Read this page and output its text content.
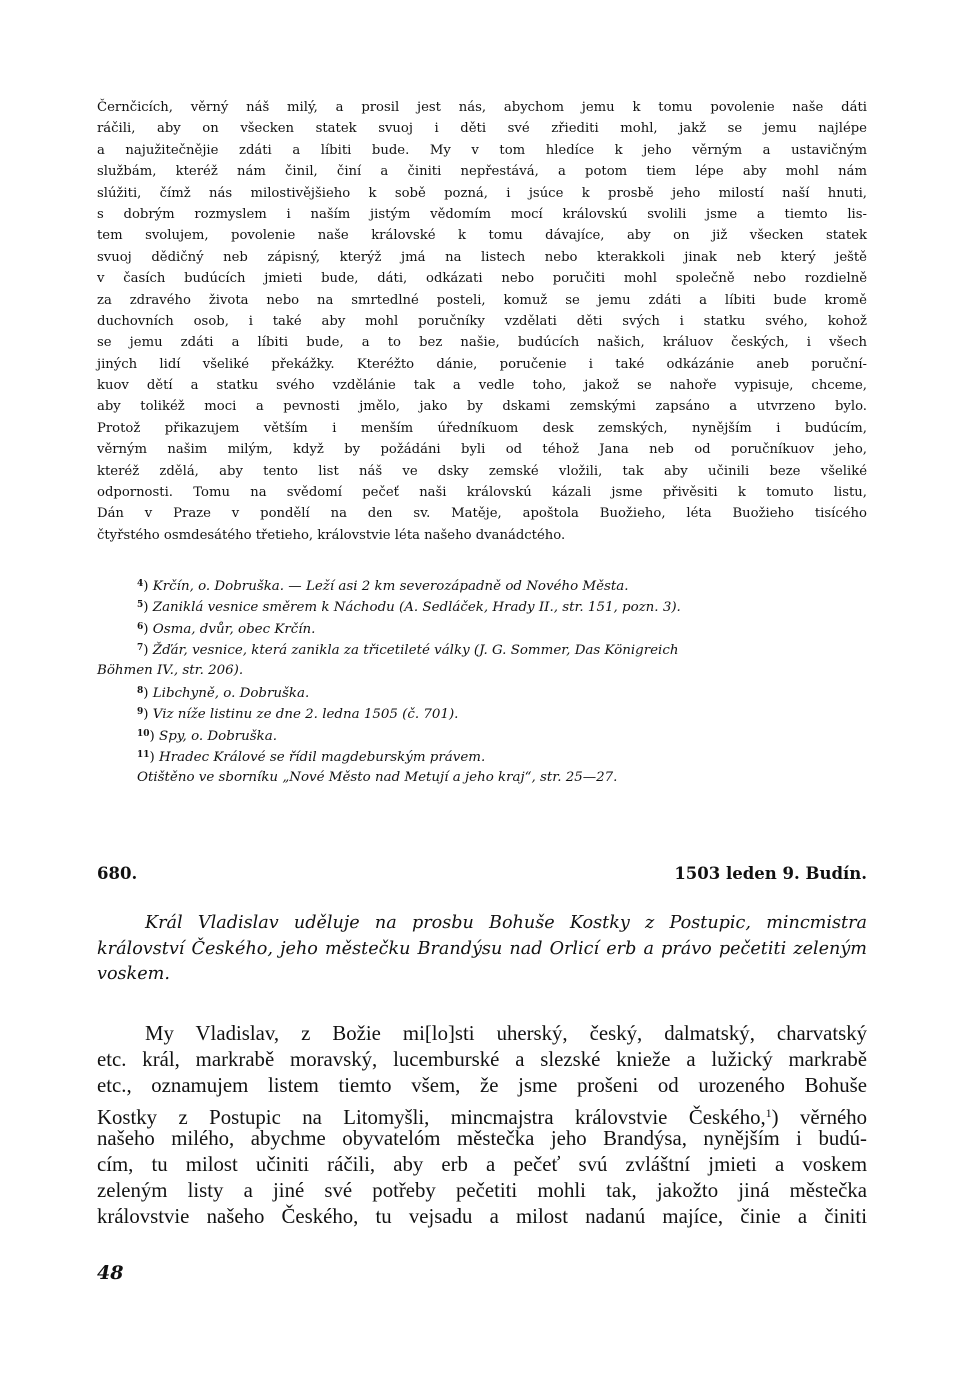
Černčicích, věrný náš milý, a prosil jest nás, abychom jemu k tomu povolenie naše dáti
ráčili, aby on všecken statek svuoj i děti své zřiediti mohl, jakž se jemu najlépe
a najužitečnějie zdáti a líbiti bude. My v tom hledíce k jeho věrným a ustavičným
službám, kteréž nám činil, činí a činiti nepřestává, a potom tiem lépe aby mohl nám
slúžiti, čímž nás milostivějšieho k sobě pozná, i jsúce k prosbě jeho milostí naší hnuti,
s dobrým rozmyslem i naším jistým vědomím mocí královskú svolili jsme a tiemto lis-
tem svolujem, povolenie naše královské k tomu dávajíce, aby on již všecken statek
svuoj dědičný neb zápisný, kterýž jmá na listech nebo kterakkoli jinak neb který ještě
v časích budúcích jmieti bude, dáti, odkázati nebo poručiti mohl společně nebo rozdielně
za zdravého života nebo na smrtedlné posteli, komuž se jemu zdáti a líbiti bude kromě
duchovních osob, i také aby mohl poručníky vzdělati děti svých i statku svého, kohož
se jemu zdáti a líbiti bude, a to bez našie, budúcích našich, králuov českých, i všech
jiných lidí všeliké překážky. Kteréžto dánie, poručenie i také odkázánie aneb poruční-
kuov dětí a statku svého vzdělánie tak a vedle toho, jakož se nahoře vypisuje, chceme,
aby tolikéž moci a pevnosti jmělo, jako by dskami zemskými zapsáno a utvrzeno bylo.
Protož přikazujem větším i menším úředníkuom desk zemských, nynějším i budúcím,
věrným našim milým, když by požádáni byli od téhož Jana neb od poručníkuov jeho,
kteréž zdělá, aby tento list náš ve dsky zemské vložili, tak aby učinili beze všeliké
odpornosti. Tomu na svědomí pečeť naši královskú kázali jsme přivěsiti k tomuto listu,
Dán v Praze v pondělí na den sv. Matěje, apoštola Buožieho, léta Buožieho tisícého
čtyřstého osmdesátého třetieho, královstvie léta našeho dvanádctého.
$^4$) Krčín, o. Dobruška. — Leží asi 2 km severozápadně od Nového Města.
$^5$) Zaniklá vesnice směrem k Náchodu (A. Sedláček, Hrady II., str. 151, pozn. 3).
$^6$) Osma, dvůr, obec Krčín.
$^7$) Žďár, vesnice, která zanikla za třicetileté války (J. G. Sommer, Das Königreich
Böhmen IV., str. 206).
$^8$) Libchyně, o. Dobruška.
$^9$) Viz níže listinu ze dne 2. ledna 1505 (č. 701).
$^{10}$) Spy, o. Dobruška.
$^{11}$) Hradec Králové se řídil magdeburským právem.
Otištěno ve sborníku „Nové Město nad Metují a jeho kraj“, str. 25—27.
680.	1503 leden 9. Budín.
Král Vladislav uděluje na prosbu Bohuše Kostky z Postupic, mincmistra
království Českého, jeho městečku Brandýsu nad Orlicí erb a právo pečetiti zeleným
voskem.
My Vladislav, z Božie mi[lo]sti uherský, český, dalmatský, charvatský
etc. král, markrabě moravský, lucemburské a slezské knieže a lužický markrabě
etc., oznamujem listem tiemto všem, že jsme prošeni od urozeného Bohuše
Kostky z Postupic na Litomyšli, mincmajstra královstvie Českého,$^1$) věrného
našeho milého, abychme obyvatelóm městečka jeho Brandýsa, nynějším i budú-
cím, tu milost učiniti ráčili, aby erb a pečeť svú zvláštní jmieti a voskem
zeleným listy a jiné své potřeby pečetiti mohli tak, jakožto jiná městečka
královstvie našeho Českého, tu vejsadu a milost nadanú majíce, činie a činiti
48
